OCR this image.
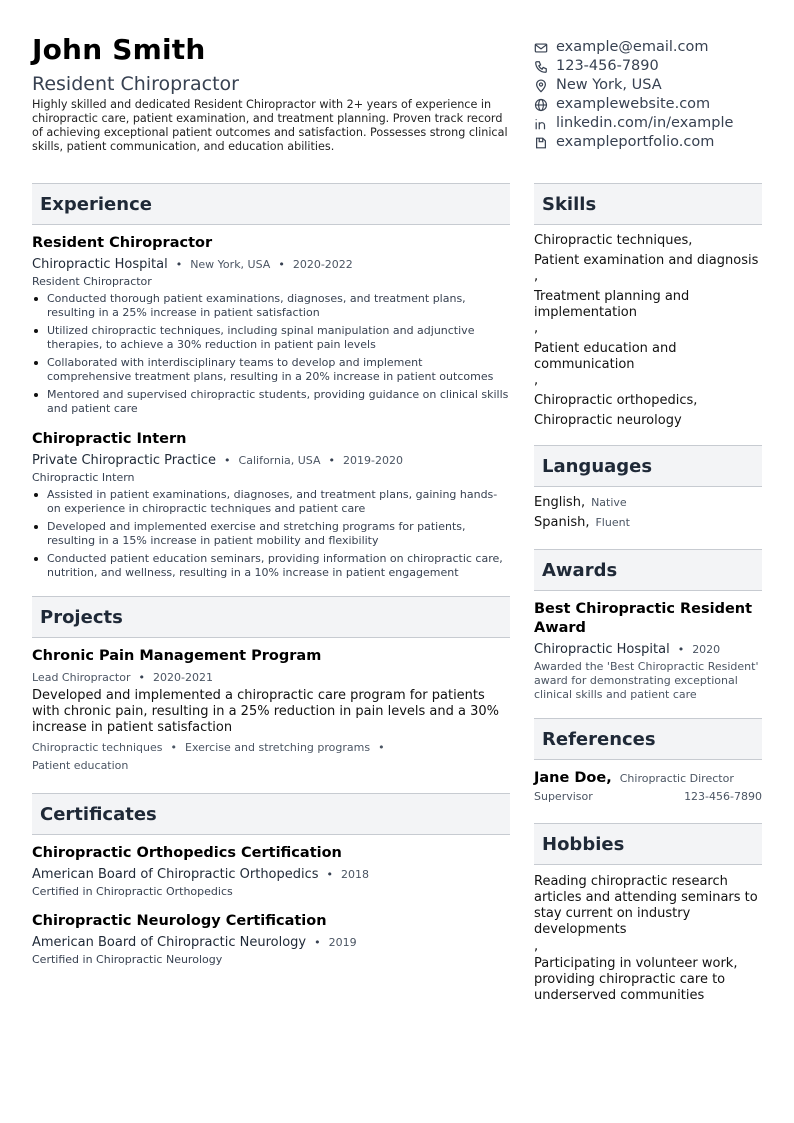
John Smith
Resident Chiropractor
Highly skilled and dedicated Resident Chiropractor with 2+ years of experience in chiropractic care, patient examination, and treatment planning. Proven track record of achieving exceptional patient outcomes and satisfaction. Possesses strong clinical skills, patient communication, and education abilities.
example@email.com
123-456-7890
New York, USA
examplewebsite.com
linkedin.com/in/example
exampleportfolio.com
Experience
Resident Chiropractor
Chiropractic Hospital • New York, USA • 2020-2022
Resident Chiropractor
Conducted thorough patient examinations, diagnoses, and treatment plans, resulting in a 25% increase in patient satisfaction
Utilized chiropractic techniques, including spinal manipulation and adjunctive therapies, to achieve a 30% reduction in patient pain levels
Collaborated with interdisciplinary teams to develop and implement comprehensive treatment plans, resulting in a 20% increase in patient outcomes
Mentored and supervised chiropractic students, providing guidance on clinical skills and patient care
Chiropractic Intern
Private Chiropractic Practice • California, USA • 2019-2020
Chiropractic Intern
Assisted in patient examinations, diagnoses, and treatment plans, gaining hands-on experience in chiropractic techniques and patient care
Developed and implemented exercise and stretching programs for patients, resulting in a 15% increase in patient mobility and flexibility
Conducted patient education seminars, providing information on chiropractic care, nutrition, and wellness, resulting in a 10% increase in patient engagement
Projects
Chronic Pain Management Program
Lead Chiropractor • 2020-2021
Developed and implemented a chiropractic care program for patients with chronic pain, resulting in a 25% reduction in pain levels and a 30% increase in patient satisfaction
Chiropractic techniques • Exercise and stretching programs •
Patient education
Certificates
Chiropractic Orthopedics Certification
American Board of Chiropractic Orthopedics • 2018
Certified in Chiropractic Orthopedics
Chiropractic Neurology Certification
American Board of Chiropractic Neurology • 2019
Certified in Chiropractic Neurology
Skills
Chiropractic techniques,
Patient examination and diagnosis
,
Treatment planning and implementation
,
Patient education and communication
,
Chiropractic orthopedics,
Chiropractic neurology
Languages
English, Native
Spanish, Fluent
Awards
Best Chiropractic Resident Award
Chiropractic Hospital • 2020
Awarded the 'Best Chiropractic Resident' award for demonstrating exceptional clinical skills and patient care
References
Jane Doe, Chiropractic Director
Supervisor	123-456-7890
Hobbies
Reading chiropractic research articles and attending seminars to stay current on industry developments
,
Participating in volunteer work, providing chiropractic care to underserved communities
